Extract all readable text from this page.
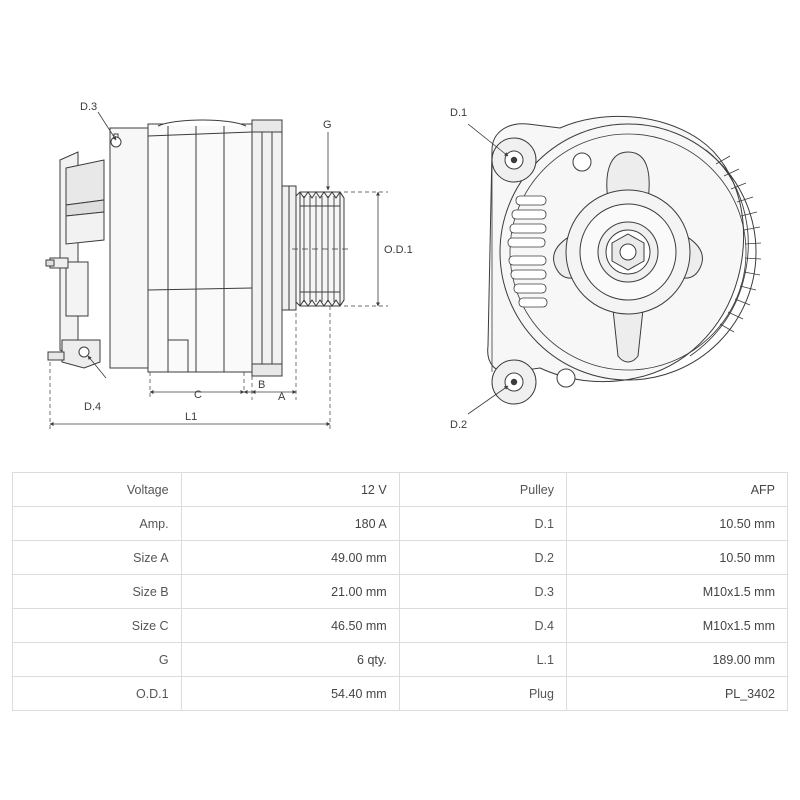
D.3
D.4
G
O.D.1
A
B
C
L1
D.1
D.2
Voltage	12 V	Pulley	AFP
Amp.	180 A	D.1	10.50 mm
Size A	49.00 mm	D.2	10.50 mm
Size B	21.00 mm	D.3	M10x1.5 mm
Size C	46.50 mm	D.4	M10x1.5 mm
G	6 qty.	L.1	189.00 mm
O.D.1	54.40 mm	Plug	PL_3402
